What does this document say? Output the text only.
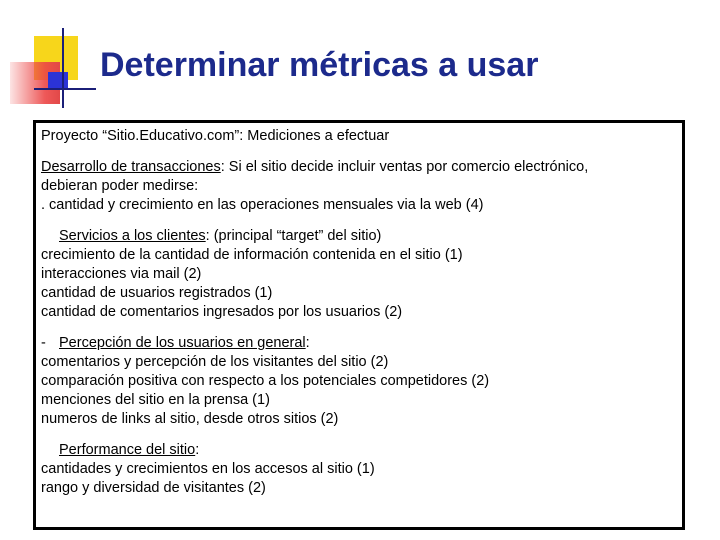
Determinar métricas a usar

Proyecto “Sitio.Educativo.com”: Mediciones a efectuar

Desarrollo de transacciones: Si el sitio decide incluir ventas por comercio electrónico,

debieran poder medirse:

. cantidad y crecimiento en las operaciones mensuales via la web (4)

Servicios a los clientes: (principal “target” del sitio)

crecimiento de la cantidad de información contenida en el sitio (1)

interacciones via mail (2)

cantidad de usuarios registrados (1)

cantidad de comentarios ingresados por los usuarios (2)

- Percepción de los usuarios en general:

comentarios y percepción de los visitantes del sitio (2)

comparación positiva con respecto a los potenciales competidores (2)

menciones del sitio en la prensa (1)

numeros de links al sitio, desde otros sitios (2)

Performance del sitio:

cantidades y crecimientos en los accesos al sitio (1)

rango y diversidad de visitantes (2)
